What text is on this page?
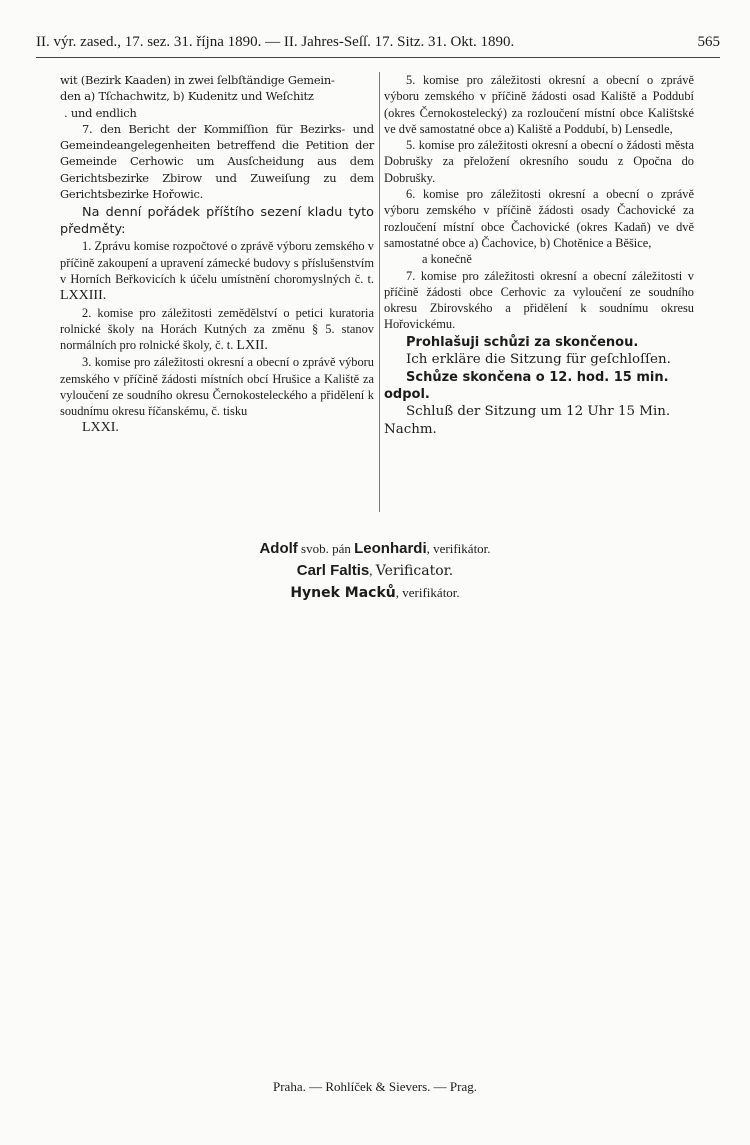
II. výr. zased., 17. sez. 31. října 1890. — II. Jahres-Seſſ. 17. Sitz. 31. Okt. 1890.	565
wit (Bezirk Kaaden) in zwei ſelbſtändige Gemein-
den a) Tſchachwitz, b) Kudenitz und Weſchitz
. und endlich
7. den Bericht der Kommiſſion für Bezirks- und Gemeindeangelegenheiten betreffend die Petition der Gemeinde Cerhowic um Ausſcheidung aus dem Gerichtsbezirke Zbirow und Zuweiſung zu dem Gerichtsbezirke Hořowic.
Na denní pořádek příštího sezení kladu tyto předměty:
1. Zprávu komise rozpočtové o zprávě výboru zemského v příčině zakoupení a upravení zámecké budovy s příslušenstvím v Horních Beřkovicích k účelu umístnění choromyslných č. t. LXXIII.
2. komise pro záležitosti zemědělství o petici kuratoria rolnické školy na Horách Kutných za změnu § 5. stanov normálních pro rolnické školy, č. t. LXII.
3. komise pro záležitosti okresní a obecní o zprávě výboru zemského v příčině žádosti místních obcí Hrušice a Kaliště za vyloučení ze soudního okresu Černokosteleckého a přidělení k soudnímu okresu říčanskému, č. tisku
LXXI.
5. komise pro záležitosti okresní a obecní o zprávě výboru zemského v příčině žádosti osad Kaliště a Poddubí (okres Černokostelecký) za rozloučení místní obce Kalištské ve dvě samostatné obce a) Kaliště a Poddubí, b) Lensedle,
5. komise pro záležitosti okresní a obecní o žádosti města Dobrušky za přeložení okresního soudu z Opočna do Dobrušky.
6. komise pro záležitosti okresní a obecní o zprávě výboru zemského v příčině žádosti osady Čachovické za rozloučení místní obce Čachovické (okres Kadaň) ve dvě samostatné obce a) Čachovice, b) Chotěnice a Běšice,
a konečně
7. komise pro záležitosti okresní a obecní záležitosti v příčině žádosti obce Cerhovic za vyloučení ze soudního okresu Zbirovského a přidělení k soudnímu okresu Hořovickému.
Prohlašuji schůzi za skončenou.
Ich erkläre die Sitzung für geſchloſſen.
Schůze skončena o 12. hod. 15 min. odpol.
Schluß der Sitzung um 12 Uhr 15 Min. Nachm.
Adolf svob. pán Leonhardi, verifikátor.
Carl Faltis, Verificator.
Hynek Macků, verifikátor.
Praha. — Rohlíček & Sievers. — Prag.
